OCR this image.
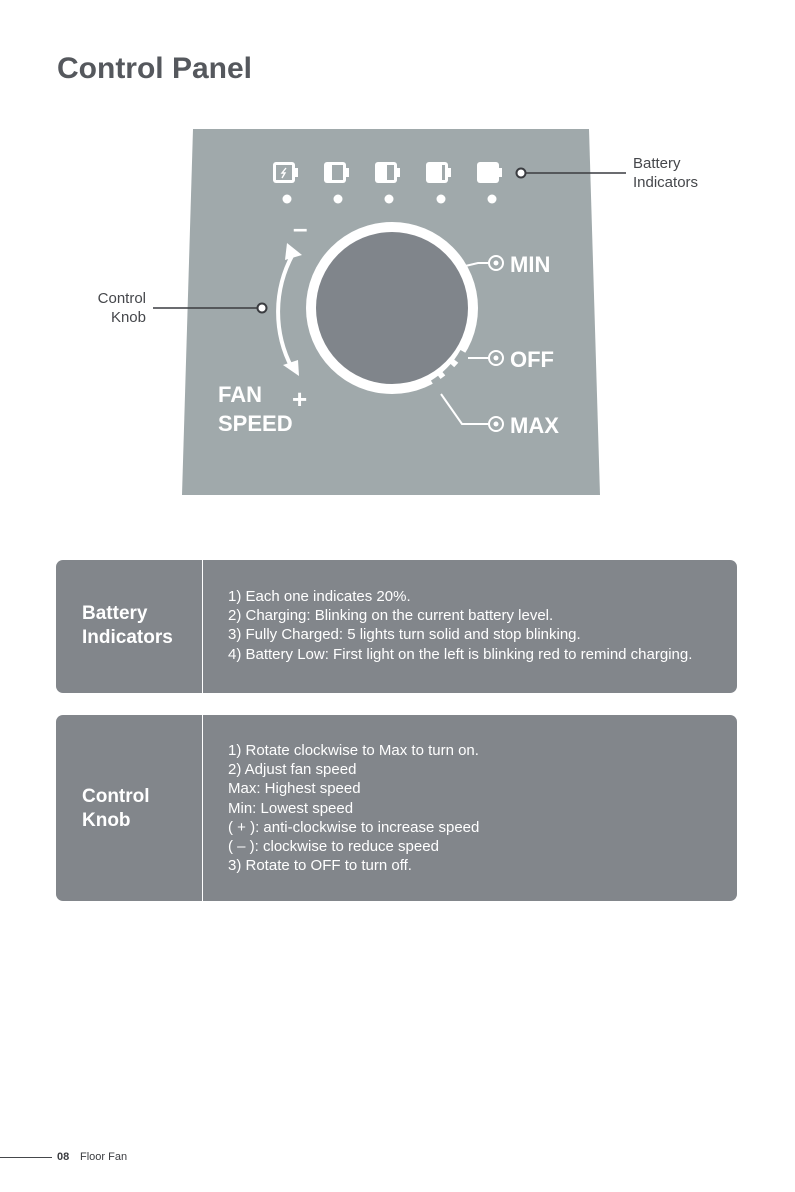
Control Panel
–
+
FAN
SPEED
MIN
OFF
MAX
Battery
Indicators
Control
Knob
Battery
Indicators
1) Each one indicates 20%.
2) Charging: Blinking on the current battery level.
3) Fully Charged: 5 lights turn solid and stop blinking.
4) Battery Low: First light on the left is blinking red to remind charging.
Control
Knob
1) Rotate clockwise to Max to turn on.
2) Adjust fan speed
Max: Highest speed
Min: Lowest speed
( + ): anti-clockwise to increase speed
( – ): clockwise to reduce speed
3) Rotate to OFF to turn off.
08 Floor Fan
